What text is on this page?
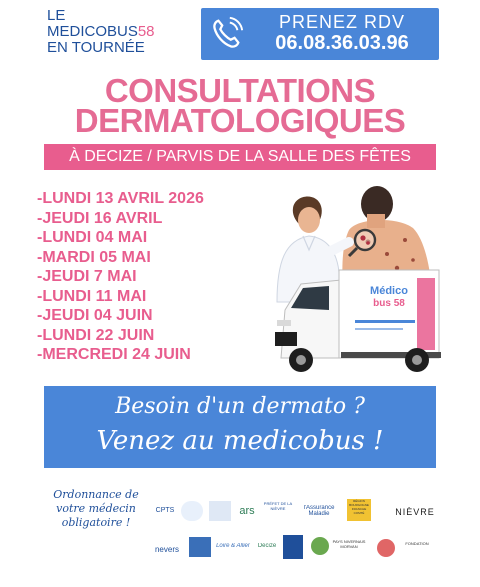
LE
MEDICOBUS58
EN TOURNÉE
PRENEZ RDV
06.08.36.03.96
CONSULTATIONS
DERMATOLOGIQUES
À DECIZE / PARVIS DE LA SALLE DES FÊTES
-LUNDI 13 AVRIL 2026
-JEUDI 16 AVRIL
-LUNDI 04 MAI
-MARDI 05 MAI
-JEUDI 7 MAI
-LUNDI 11 MAI
-JEUDI 04 JUIN
-LUNDI 22 JUIN
-MERCREDI 24 JUIN
Médico
bus 58
Besoin d'un dermato ?
Venez au medicobus !
Ordonnance de
votre médecin
obligatoire !
CPTS	ars
PRÉFET DE LA NIÈVRE	l'Assurance Maladie
RÉGION BOURGOGNE FRANCHE COMTÉ	NIÈVRE
nevers	Loire & Allier	Decize
PAYS NIVERNAIS MORVAN
FONDATION
